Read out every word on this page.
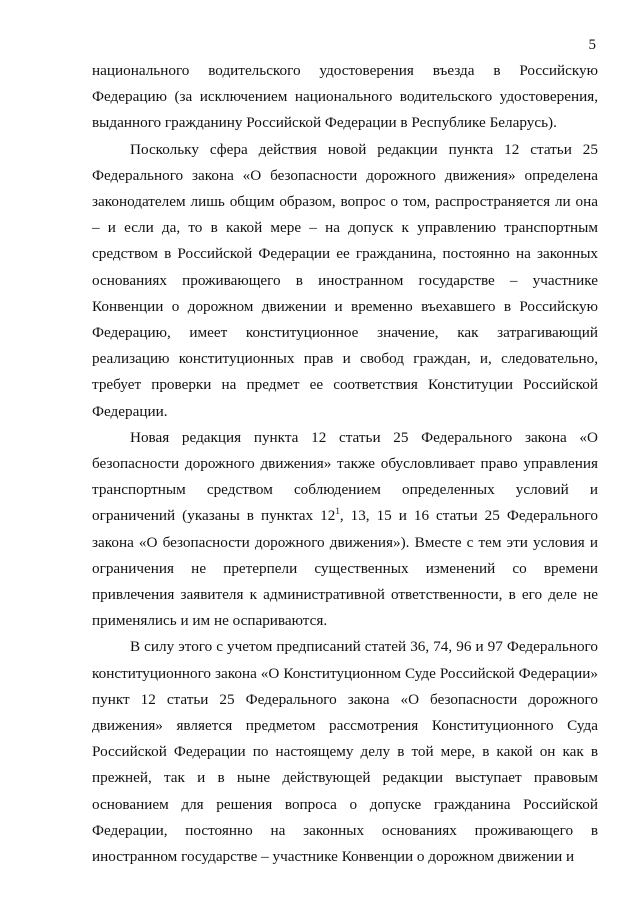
5

национального водительского удостоверения въезда в Российскую Федерацию (за исключением национального водительского удостоверения, выданного гражданину Российской Федерации в Республике Беларусь).

Поскольку сфера действия новой редакции пункта 12 статьи 25 Федерального закона «О безопасности дорожного движения» определена законодателем лишь общим образом, вопрос о том, распространяется ли она – и если да, то в какой мере – на допуск к управлению транспортным средством в Российской Федерации ее гражданина, постоянно на законных основаниях проживающего в иностранном государстве – участнике Конвенции о дорожном движении и временно въехавшего в Российскую Федерацию, имеет конституционное значение, как затрагивающий реализацию конституционных прав и свобод граждан, и, следовательно, требует проверки на предмет ее соответствия Конституции Российской Федерации.

Новая редакция пункта 12 статьи 25 Федерального закона «О безопасности дорожного движения» также обусловливает право управления транспортным средством соблюдением определенных условий и ограничений (указаны в пунктах $12^1$, 13, 15 и 16 статьи 25 Федерального закона «О безопасности дорожного движения»). Вместе с тем эти условия и ограничения не претерпели существенных изменений со времени привлечения заявителя к административной ответственности, в его деле не применялись и им не оспариваются.

В силу этого с учетом предписаний статей 36, 74, 96 и 97 Федерального конституционного закона «О Конституционном Суде Российской Федерации» пункт 12 статьи 25 Федерального закона «О безопасности дорожного движения» является предметом рассмотрения Конституционного Суда Российской Федерации по настоящему делу в той мере, в какой он как в прежней, так и в ныне действующей редакции выступает правовым основанием для решения вопроса о допуске гражданина Российской Федерации, постоянно на законных основаниях проживающего в иностранном государстве – участнике Конвенции о дорожном движении и
